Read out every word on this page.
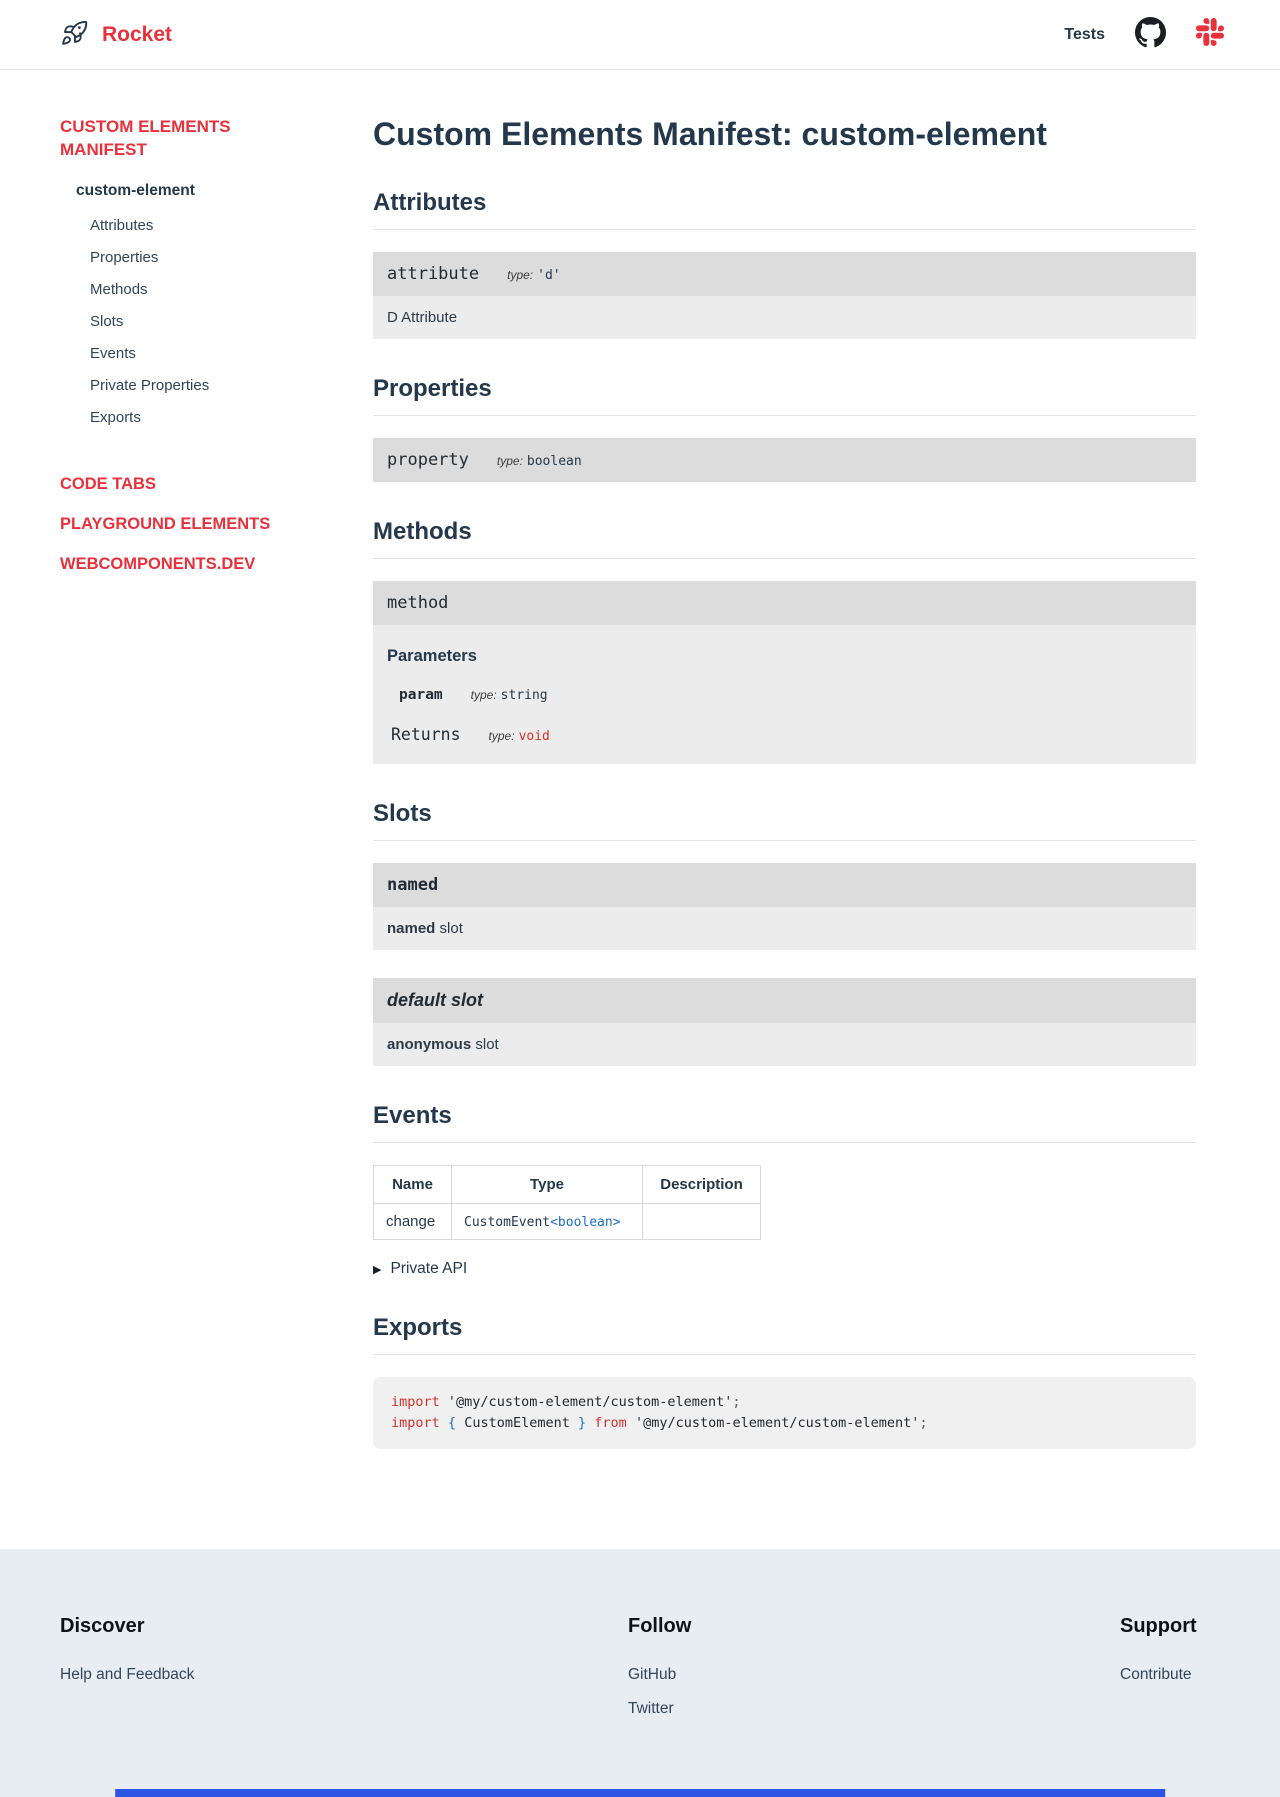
Rocket	Tests
CUSTOM ELEMENTS MANIFEST
custom-element
Attributes
Properties
Methods
Slots
Events
Private Properties
Exports
CODE TABS
PLAYGROUND ELEMENTS
WEBCOMPONENTS.DEV
Custom Elements Manifest: custom-element
Attributes
attribute type: 'd'
D Attribute
Properties
property type: boolean
Methods
method
Parameters
param type: string
Returns type: void
Slots
named
named slot
default slot
anonymous slot
Events
Name	Type	Description
change	CustomEvent<boolean>	
▶ Private API
Exports
import '@my/custom-element/custom-element';
import { CustomElement } from '@my/custom-element/custom-element';
Discover
Help and Feedback
Follow
GitHub
Twitter
Support
Contribute
